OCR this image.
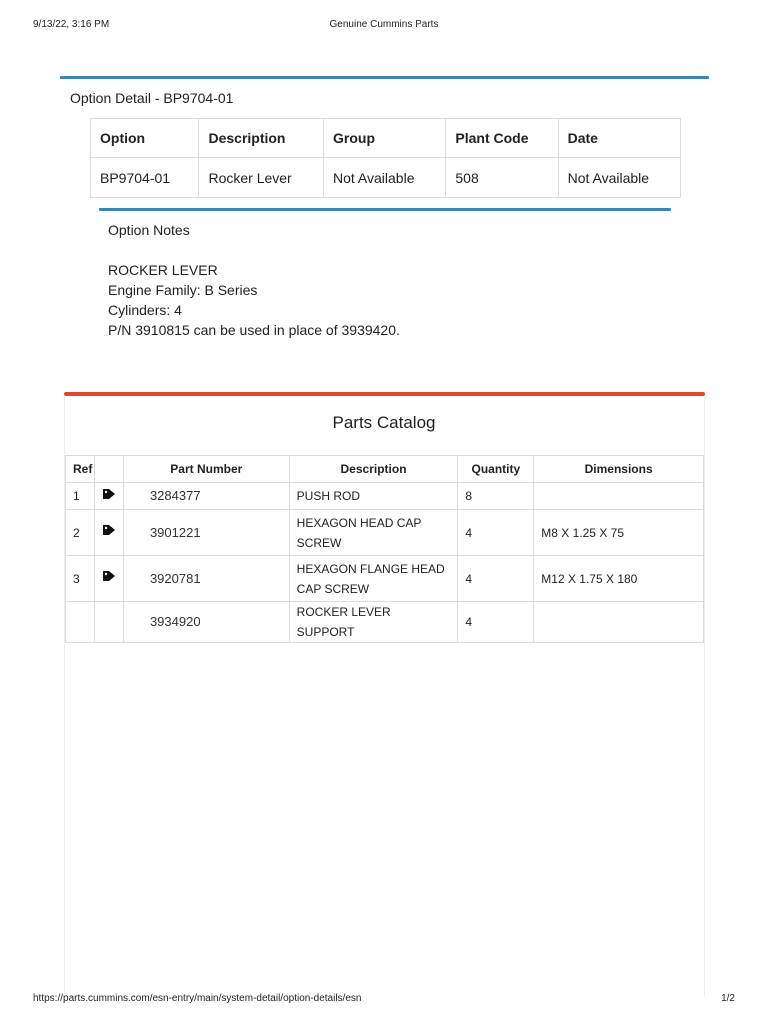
9/13/22, 3:16 PM	Genuine Cummins Parts
Option Detail - BP9704-01
Option	Description	Group	Plant Code	Date
BP9704-01	Rocker Lever	Not Available	508	Not Available
Option Notes
ROCKER LEVER
Engine Family: B Series
Cylinders: 4
P/N 3910815 can be used in place of 3939420.
Parts Catalog
Ref		Part Number	Description	Quantity	Dimensions
1		3284377	PUSH ROD	8	
2		3901221	HEXAGON HEAD CAP SCREW	4	M8 X 1.25 X 75
3		3920781	HEXAGON FLANGE HEAD CAP SCREW	4	M12 X 1.75 X 180
		3934920	ROCKER LEVER SUPPORT	4	
https://parts.cummins.com/esn-entry/main/system-detail/option-details/esn	1/2
